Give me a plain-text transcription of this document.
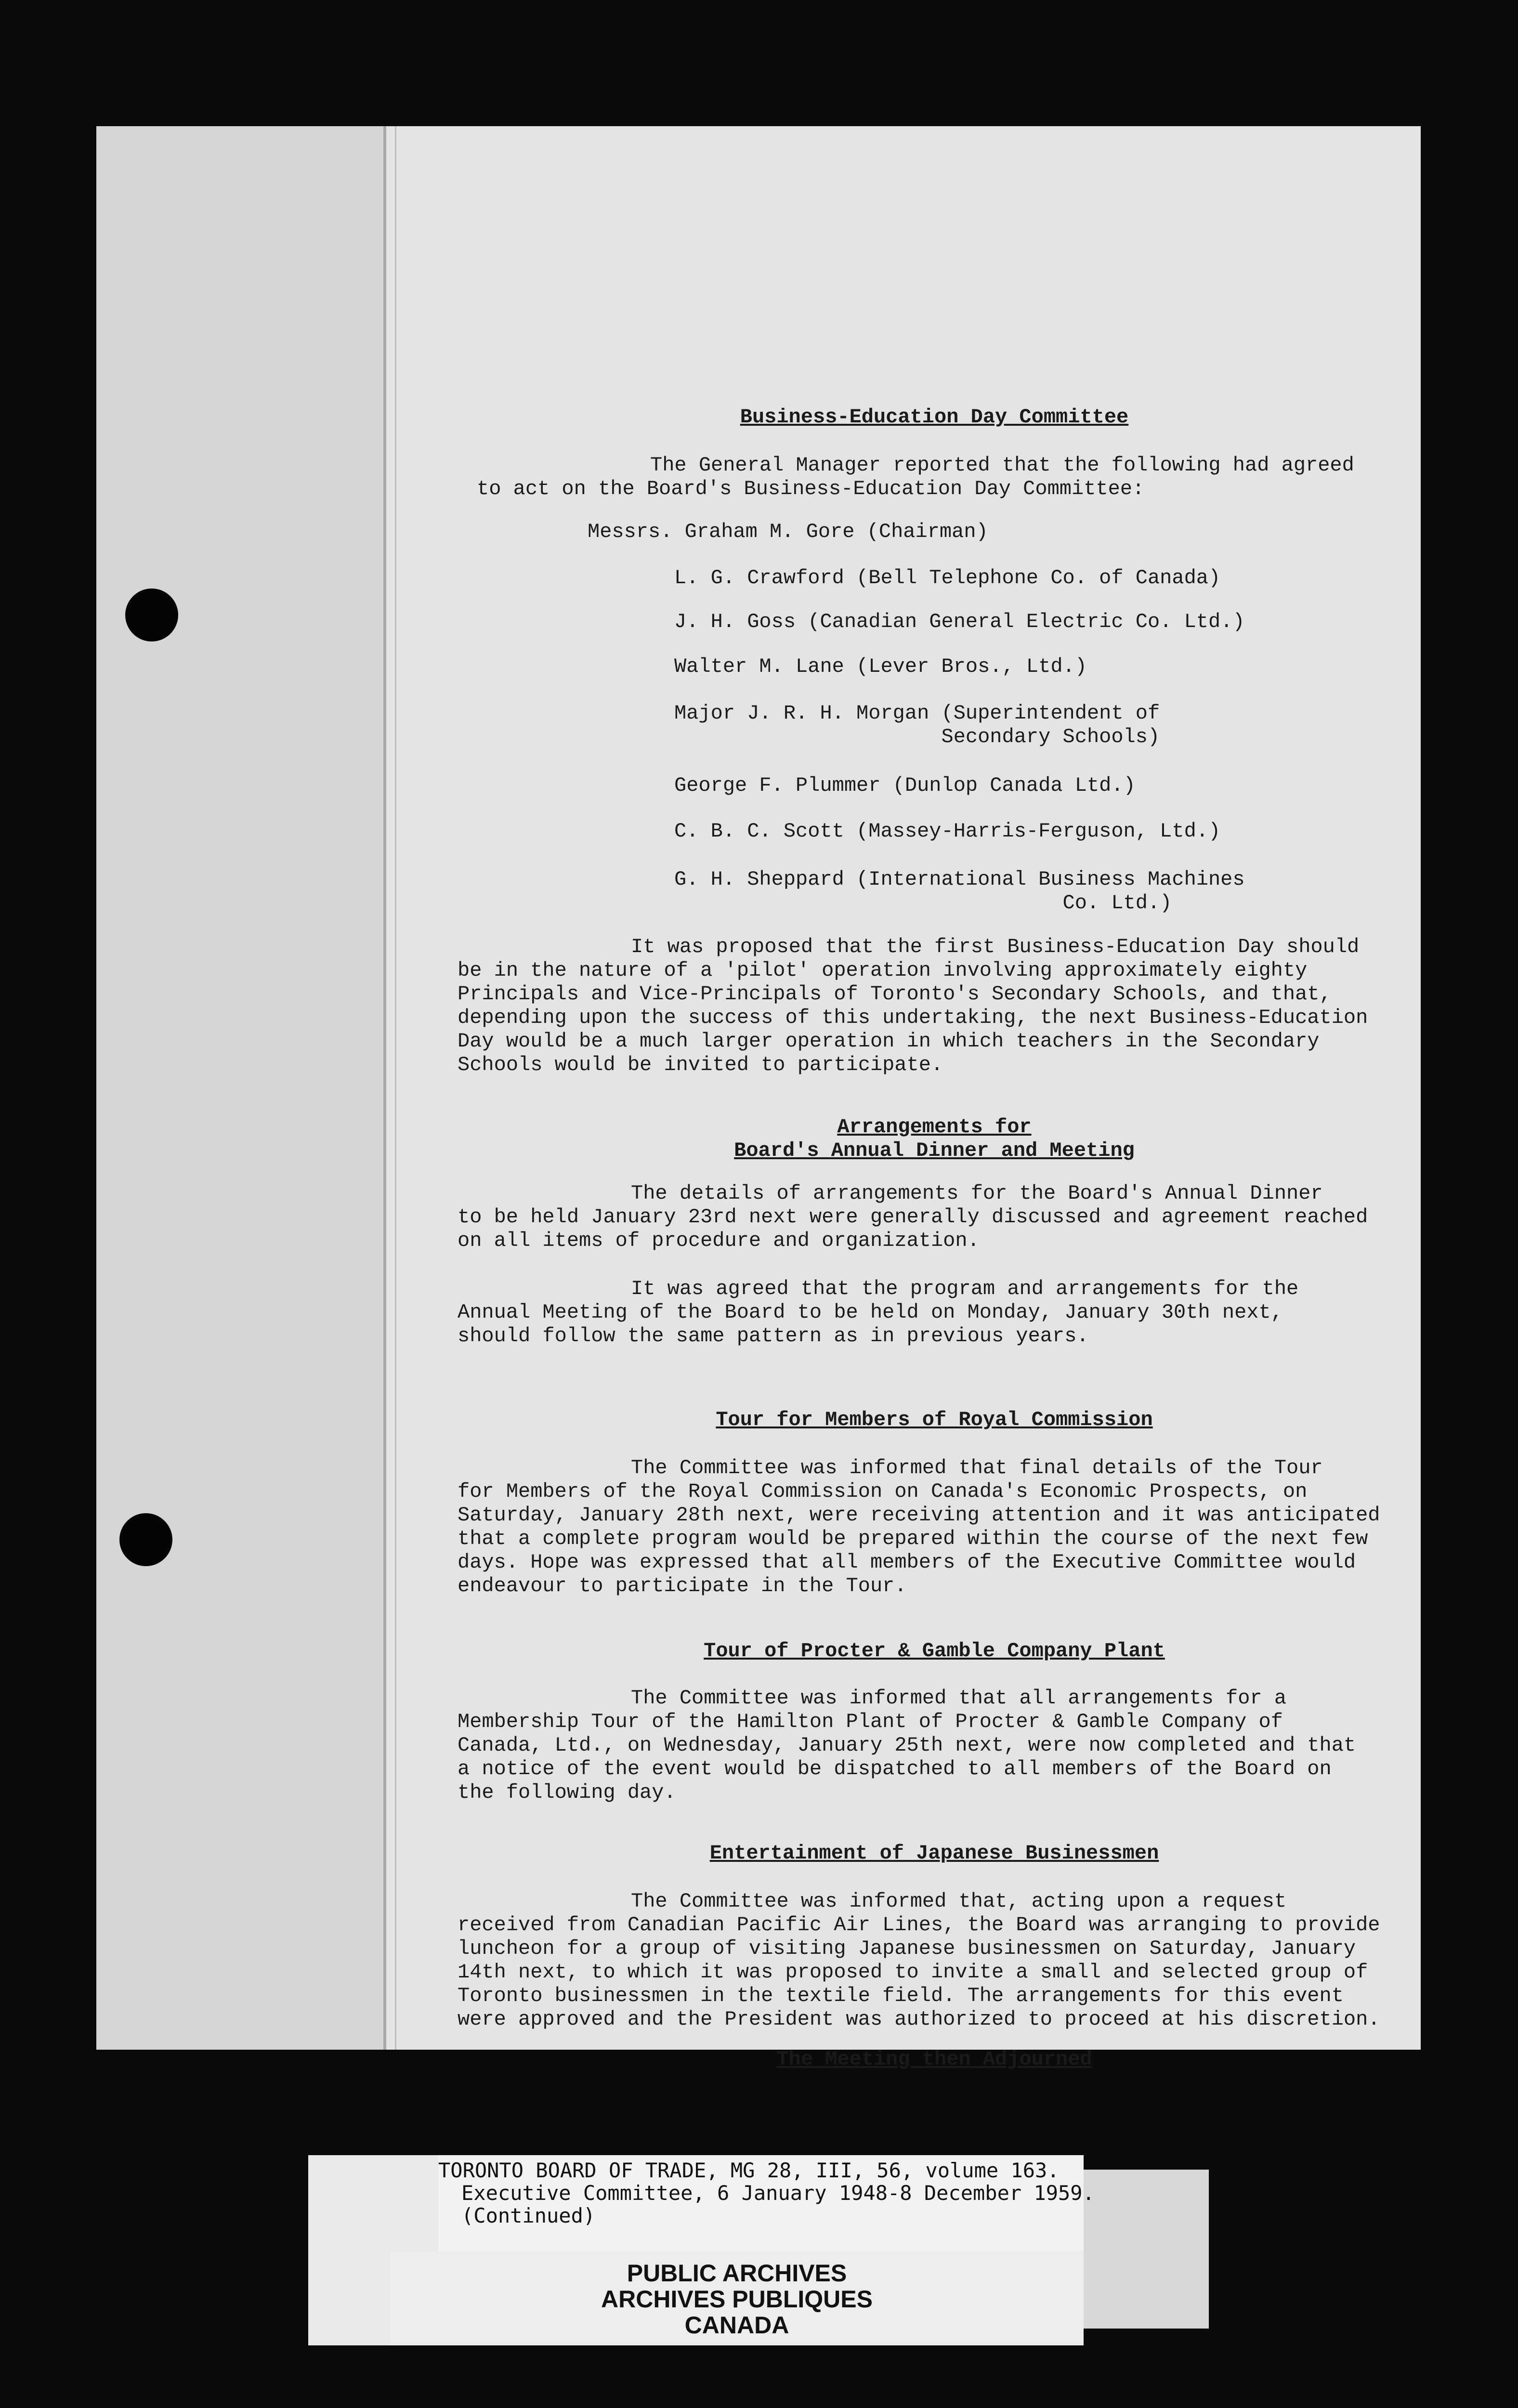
Business-Education Day Committee

The General Manager reported that the following had agreed
to act on the Board's Business-Education Day Committee:

Messrs. Graham M. Gore (Chairman)

L. G. Crawford (Bell Telephone Co. of Canada)

J. H. Goss (Canadian General Electric Co. Ltd.)

Walter M. Lane (Lever Bros., Ltd.)

Major J. R. H. Morgan (Superintendent of
Secondary Schools)

George F. Plummer (Dunlop Canada Ltd.)

C. B. C. Scott (Massey-Harris-Ferguson, Ltd.)

G. H. Sheppard (International Business Machines
Co. Ltd.)

It was proposed that the first Business-Education Day should
be in the nature of a 'pilot' operation involving approximately eighty
Principals and Vice-Principals of Toronto's Secondary Schools, and that,
depending upon the success of this undertaking, the next Business-Education
Day would be a much larger operation in which teachers in the Secondary
Schools would be invited to participate.

Arrangements for

Board's Annual Dinner and Meeting

The details of arrangements for the Board's Annual Dinner
to be held January 23rd next were generally discussed and agreement reached
on all items of procedure and organization.

It was agreed that the program and arrangements for the
Annual Meeting of the Board to be held on Monday, January 30th next,
should follow the same pattern as in previous years.

Tour for Members of Royal Commission

The Committee was informed that final details of the Tour
for Members of the Royal Commission on Canada's Economic Prospects, on
Saturday, January 28th next, were receiving attention and it was anticipated
that a complete program would be prepared within the course of the next few
days. Hope was expressed that all members of the Executive Committee would
endeavour to participate in the Tour.

Tour of Procter & Gamble Company Plant

The Committee was informed that all arrangements for a
Membership Tour of the Hamilton Plant of Procter & Gamble Company of
Canada, Ltd., on Wednesday, January 25th next, were now completed and that
a notice of the event would be dispatched to all members of the Board on
the following day.

Entertainment of Japanese Businessmen

The Committee was informed that, acting upon a request
received from Canadian Pacific Air Lines, the Board was arranging to provide
luncheon for a group of visiting Japanese businessmen on Saturday, January
14th next, to which it was proposed to invite a small and selected group of
Toronto businessmen in the textile field. The arrangements for this event
were approved and the President was authorized to proceed at his discretion.

The Meeting then Adjourned

TORONTO BOARD OF TRADE, MG 28, III, 56, volume 163.
Executive Committee, 6 January 1948-8 December 1959.
(Continued)
PUBLIC ARCHIVES
ARCHIVES PUBLIQUES
CANADA
